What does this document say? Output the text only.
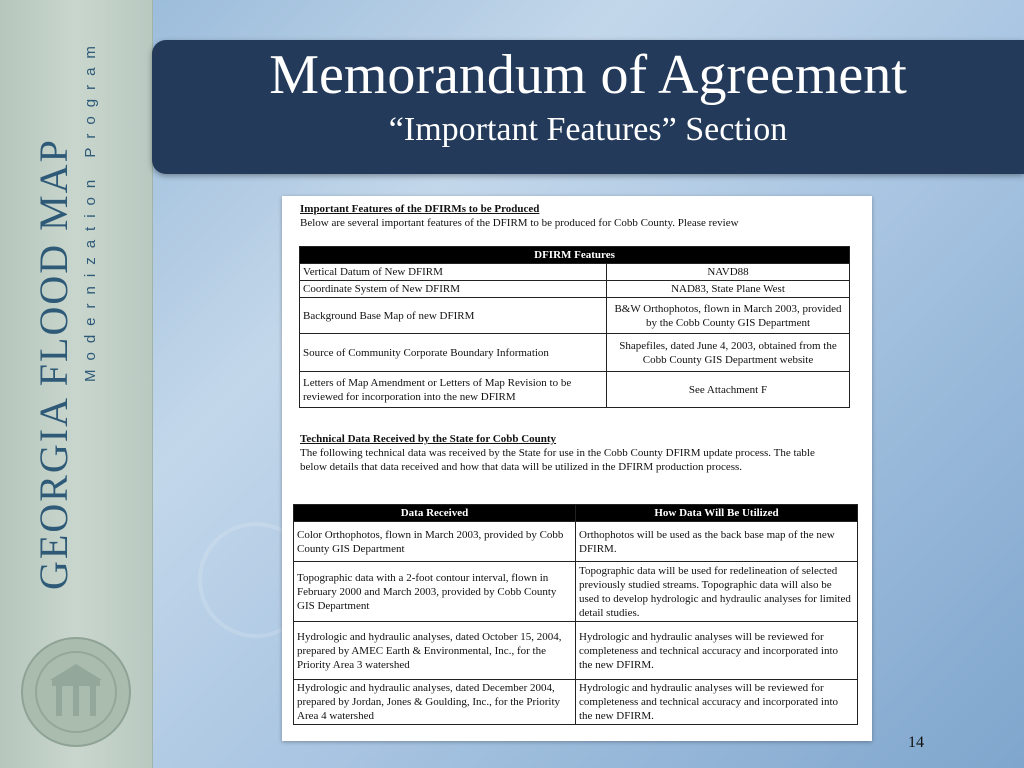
GEORGIA FLOOD MAP Modernization Program	Memorandum of Agreement
“Important Features” Section
Important Features of the DFIRMs to be Produced
Below are several important features of the DFIRM to be produced for Cobb County. Please review
DFIRM Features	
Vertical Datum of New DFIRM	NAVD88
Coordinate System of New DFIRM	NAD83, State Plane West
Background Base Map of new DFIRM	B&W Orthophotos, flown in March 2003, provided by the Cobb County GIS Department
Source of Community Corporate Boundary Information	Shapefiles, dated June 4, 2003, obtained from the Cobb County GIS Department website
Letters of Map Amendment or Letters of Map Revision to be reviewed for incorporation into the new DFIRM	See Attachment F
Technical Data Received by the State for Cobb County
The following technical data was received by the State for use in the Cobb County DFIRM update process. The table below details that data received and how that data will be utilized in the DFIRM production process.
Data Received	How Data Will Be Utilized
Color Orthophotos, flown in March 2003, provided by Cobb County GIS Department	Orthophotos will be used as the back base map of the new DFIRM.
Topographic data with a 2-foot contour interval, flown in February 2000 and March 2003, provided by Cobb County GIS Department	Topographic data will be used for redelineation of selected previously studied streams. Topographic data will also be used to develop hydrologic and hydraulic analyses for limited detail studies.
Hydrologic and hydraulic analyses, dated October 15, 2004, prepared by AMEC Earth & Environmental, Inc., for the Priority Area 3 watershed	Hydrologic and hydraulic analyses will be reviewed for completeness and technical accuracy and incorporated into the new DFIRM.
Hydrologic and hydraulic analyses, dated December 2004, prepared by Jordan, Jones & Goulding, Inc., for the Priority Area 4 watershed	Hydrologic and hydraulic analyses will be reviewed for completeness and technical accuracy and incorporated into the new DFIRM.
14
